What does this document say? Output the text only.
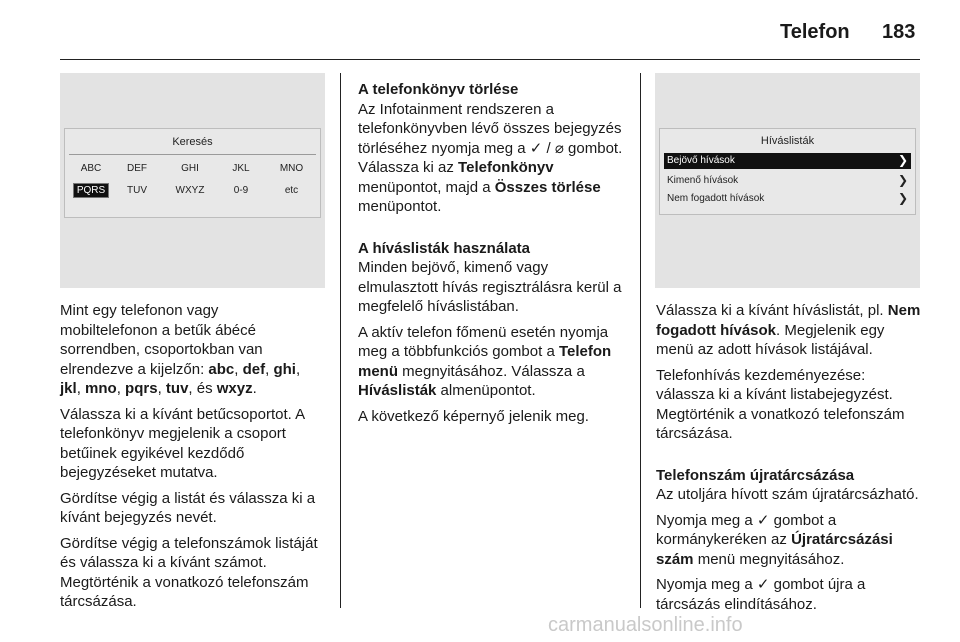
Telefon 183
Keresés
ABC	DEF	GHI	JKL	MNO
PQRS	TUV	WXYZ	0-9	etc
Híváslisták
Bejövő hívások	❯
Kimenő hívások	❯
Nem fogadott hívások	❯

Mint egy telefonon vagy
mobiltelefonon a betűk ábécé
sorrendben, csoportokban van
elrendezve a kijelzőn: abc, def, ghi,
jkl, mno, pqrs, tuv, és wxyz.

Válassza ki a kívánt betűcsoportot. A telefonkönyv megjelenik a csoport betűinek egyikével kezdődő bejegyzéseket mutatva.

Gördítse végig a listát és válassza ki a kívánt bejegyzés nevét.

Gördítse végig a telefonszámok listáját és válassza ki a kívánt számot. Megtörténik a vonatkozó telefonszám tárcsázása.

A telefonkönyv törlése

Az Infotainment rendszeren a telefonkönyvben lévő összes bejegyzés törléséhez nyomja meg a ✓ / ⌀ gombot. Válassza ki az Telefonkönyv menüpontot, majd a Összes törlése menüpontot.

A híváslisták használata

Minden bejövő, kimenő vagy elmulasztott hívás regisztrálásra kerül a megfelelő híváslistában.

A aktív telefon főmenü esetén nyomja meg a többfunkciós gombot a Telefon menü megnyitásához. Válassza a Híváslisták almenüpontot.

A következő képernyő jelenik meg.

Válassza ki a kívánt híváslistát, pl. Nem fogadott hívások. Megjelenik egy menü az adott hívások listájával.

Telefonhívás kezdeményezése: válassza ki a kívánt listabejegyzést. Megtörténik a vonatkozó telefonszám tárcsázása.

Telefonszám újratárcsázása

Az utoljára hívott szám újratárcsázható.

Nyomja meg a ✓ gombot a kormánykeréken az Újratárcsázási szám menü megnyitásához.

Nyomja meg a ✓ gombot újra a tárcsázás elindításához.

carmanualsonline.info
